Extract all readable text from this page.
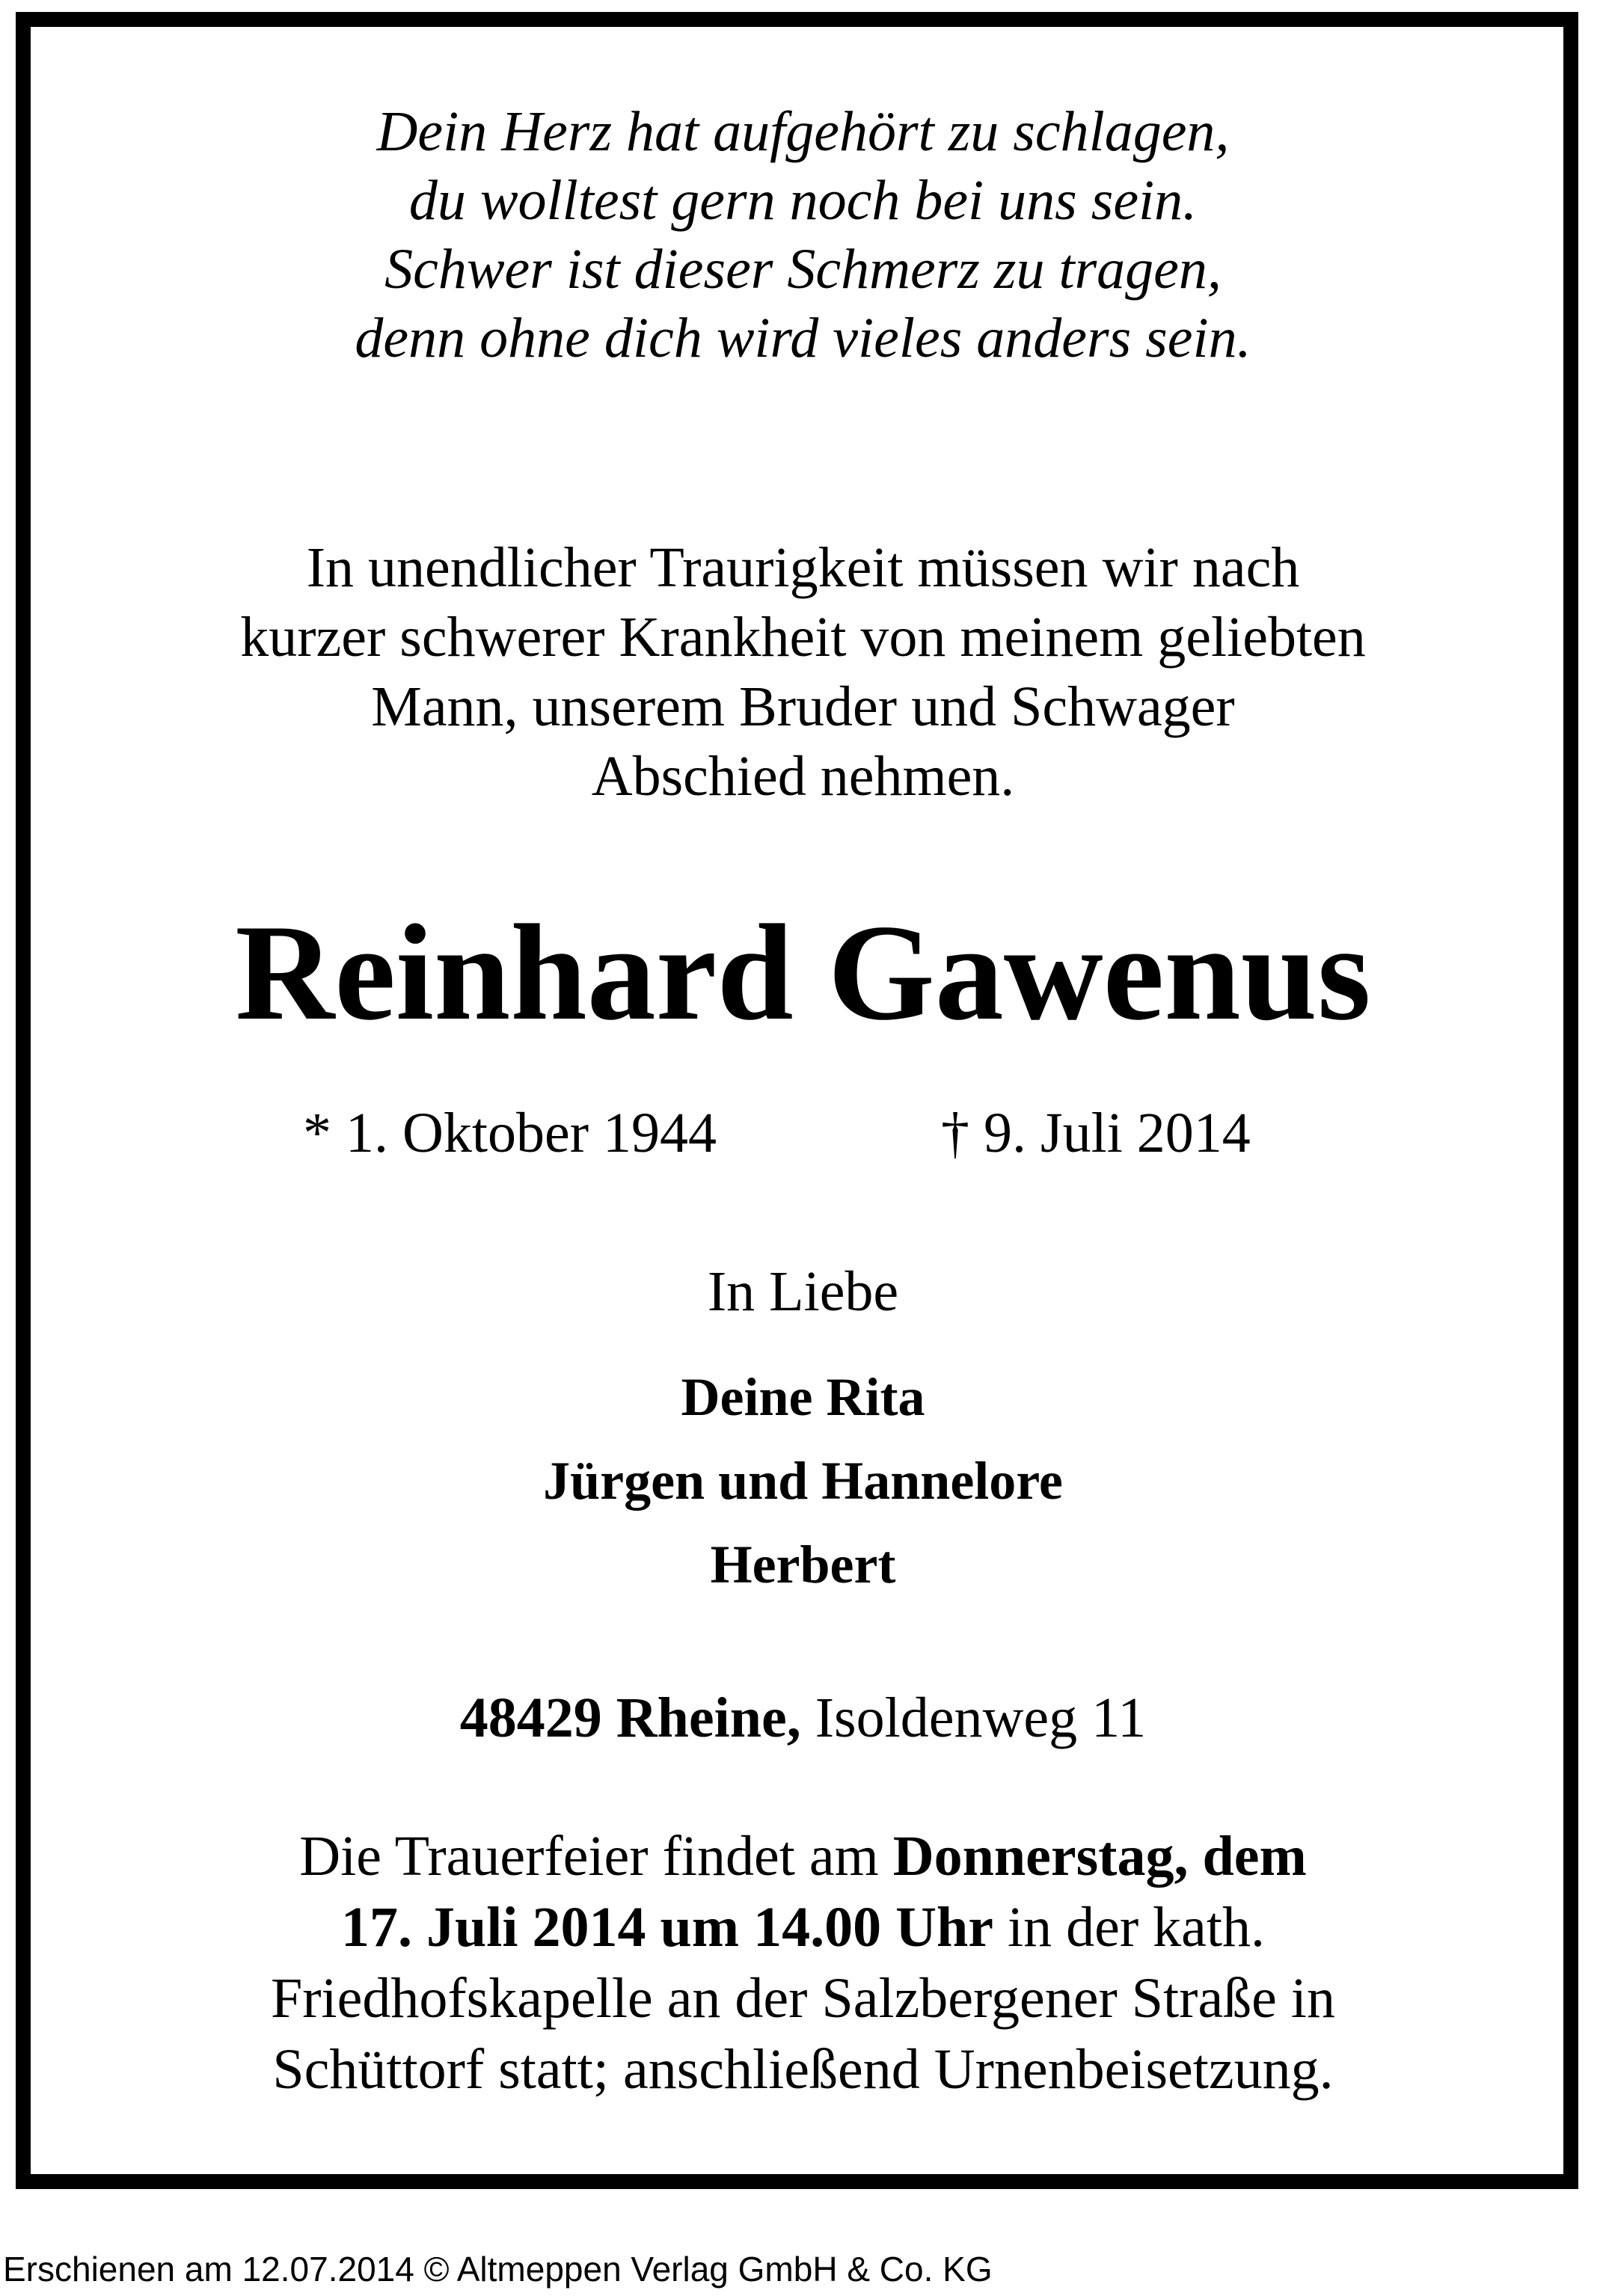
Dein Herz hat aufgehört zu schlagen,
du wolltest gern noch bei uns sein.
Schwer ist dieser Schmerz zu tragen,
denn ohne dich wird vieles anders sein.
In unendlicher Traurigkeit müssen wir nach
kurzer schwerer Krankheit von meinem geliebten
Mann, unserem Bruder und Schwager
Abschied nehmen.
Reinhard Gawenus
* 1. Oktober 1944	† 9. Juli 2014
In Liebe
Deine Rita
Jürgen und Hannelore
Herbert
48429 Rheine, Isoldenweg 11
Die Trauerfeier findet am Donnerstag, dem
17. Juli 2014 um 14.00 Uhr in der kath.
Friedhofskapelle an der Salzbergener Straße in
Schüttorf statt; anschließend Urnenbeisetzung.
Erschienen am 12.07.2014 © Altmeppen Verlag GmbH & Co. KG
